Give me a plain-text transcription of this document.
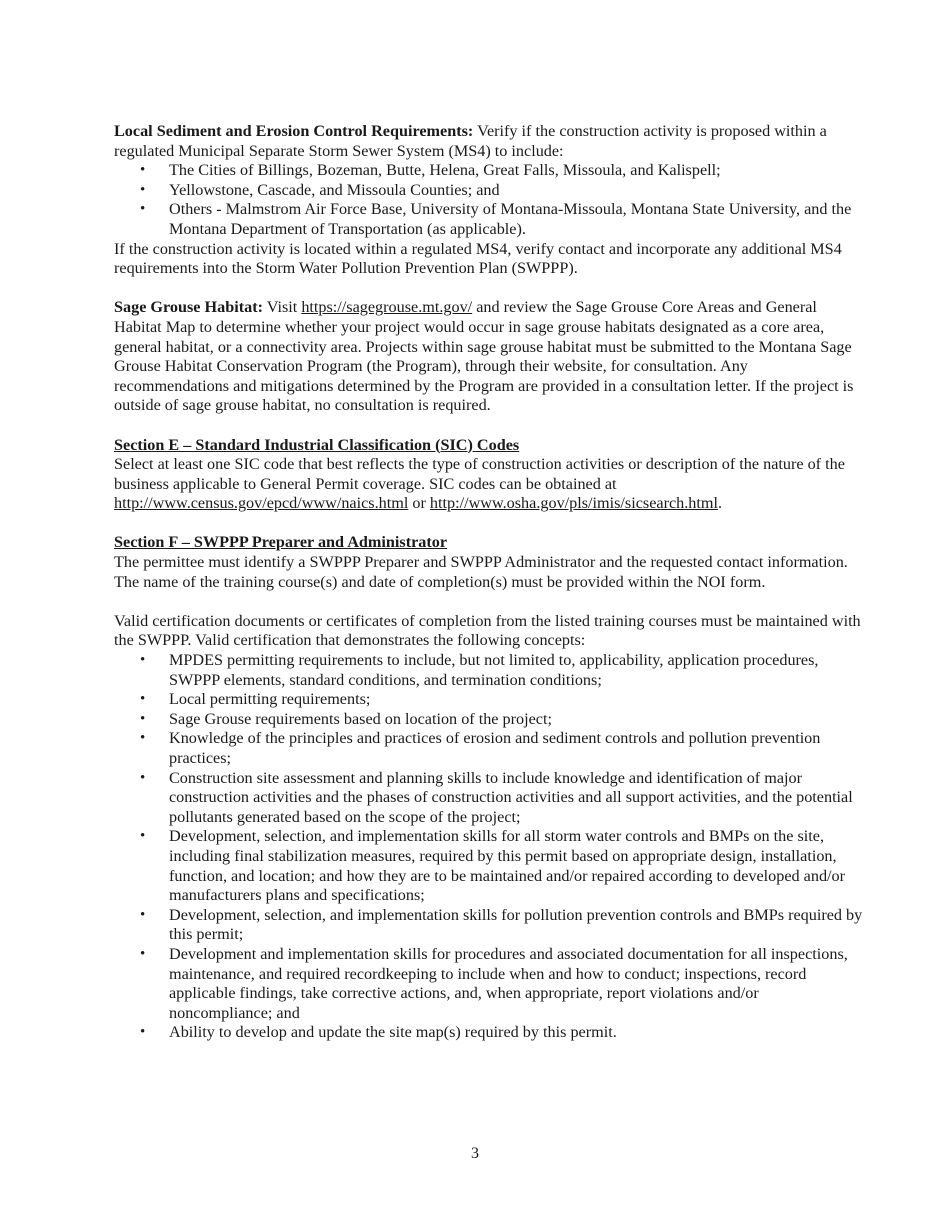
Local Sediment and Erosion Control Requirements: Verify if the construction activity is proposed within a regulated Municipal Separate Storm Sewer System (MS4) to include:

• The Cities of Billings, Bozeman, Butte, Helena, Great Falls, Missoula, and Kalispell;
• Yellowstone, Cascade, and Missoula Counties; and
• Others - Malmstrom Air Force Base, University of Montana-Missoula, Montana State University, and the Montana Department of Transportation (as applicable).

If the construction activity is located within a regulated MS4, verify contact and incorporate any additional MS4 requirements into the Storm Water Pollution Prevention Plan (SWPPP).

Sage Grouse Habitat: Visit https://sagegrouse.mt.gov/ and review the Sage Grouse Core Areas and General Habitat Map to determine whether your project would occur in sage grouse habitats designated as a core area, general habitat, or a connectivity area. Projects within sage grouse habitat must be submitted to the Montana Sage Grouse Habitat Conservation Program (the Program), through their website, for consultation. Any recommendations and mitigations determined by the Program are provided in a consultation letter. If the project is outside of sage grouse habitat, no consultation is required.

Section E – Standard Industrial Classification (SIC) Codes

Select at least one SIC code that best reflects the type of construction activities or description of the nature of the business applicable to General Permit coverage. SIC codes can be obtained at http://www.census.gov/epcd/www/naics.html or http://www.osha.gov/pls/imis/sicsearch.html.

Section F – SWPPP Preparer and Administrator

The permittee must identify a SWPPP Preparer and SWPPP Administrator and the requested contact information. The name of the training course(s) and date of completion(s) must be provided within the NOI form.

Valid certification documents or certificates of completion from the listed training courses must be maintained with the SWPPP. Valid certification that demonstrates the following concepts:

• MPDES permitting requirements to include, but not limited to, applicability, application procedures, SWPPP elements, standard conditions, and termination conditions;
• Local permitting requirements;
• Sage Grouse requirements based on location of the project;
• Knowledge of the principles and practices of erosion and sediment controls and pollution prevention practices;
• Construction site assessment and planning skills to include knowledge and identification of major construction activities and the phases of construction activities and all support activities, and the potential pollutants generated based on the scope of the project;
• Development, selection, and implementation skills for all storm water controls and BMPs on the site, including final stabilization measures, required by this permit based on appropriate design, installation, function, and location; and how they are to be maintained and/or repaired according to developed and/or manufacturers plans and specifications;
• Development, selection, and implementation skills for pollution prevention controls and BMPs required by this permit;
• Development and implementation skills for procedures and associated documentation for all inspections, maintenance, and required recordkeeping to include when and how to conduct; inspections, record applicable findings, take corrective actions, and, when appropriate, report violations and/or noncompliance; and
• Ability to develop and update the site map(s) required by this permit.
3
